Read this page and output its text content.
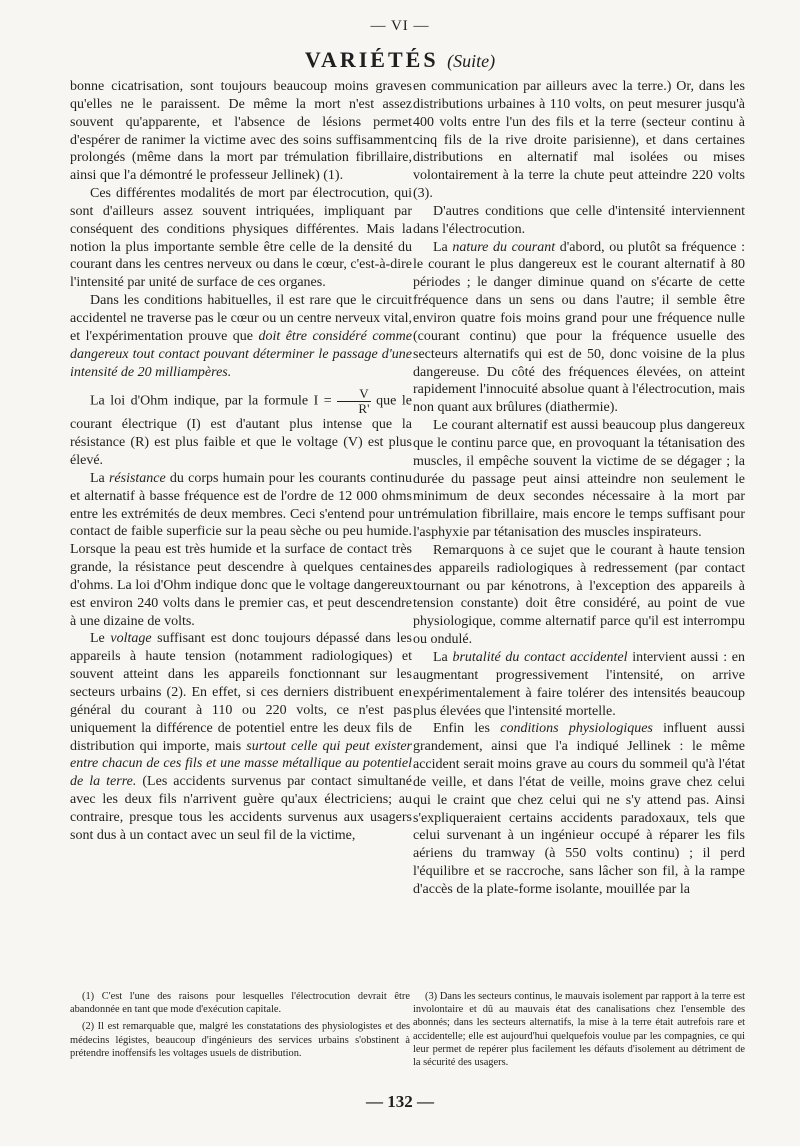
— VI —
VARIÉTÉS (Suite)

bonne cicatrisation, sont toujours beaucoup moins graves qu'elles ne le paraissent. De même la mort n'est assez souvent qu'apparente, et l'absence de lésions permet d'espérer de ranimer la victime avec des soins suffisamment prolongés (même dans la mort par trémulation fibrillaire, ainsi que l'a démontré le professeur Jellinek) (1).

Ces différentes modalités de mort par électrocution, qui sont d'ailleurs assez souvent intriquées, impliquant par conséquent des conditions physiques différentes. Mais la notion la plus importante semble être celle de la densité du courant dans les centres nerveux ou dans le cœur, c'est-à-dire l'intensité par unité de surface de ces organes.

Dans les conditions habituelles, il est rare que le circuit accidentel ne traverse pas le cœur ou un centre nerveux vital, et l'expérimentation prouve que doit être considéré comme dangereux tout contact pouvant déterminer le passage d'une intensité de 20 milliampères.

La loi d'Ohm indique, par la formule $I = \frac{V}{R'}$ que le courant électrique (I) est d'autant plus intense que la résistance (R) est plus faible et que le voltage (V) est plus élevé.

La résistance du corps humain pour les courants continu et alternatif à basse fréquence est de l'ordre de 12 000 ohms entre les extrémités de deux membres. Ceci s'entend pour un contact de faible superficie sur la peau sèche ou peu humide. Lorsque la peau est très humide et la surface de contact très grande, la résistance peut descendre à quelques centaines d'ohms. La loi d'Ohm indique donc que le voltage dangereux est environ 240 volts dans le premier cas, et peut descendre à une dizaine de volts.

Le voltage suffisant est donc toujours dépassé dans les appareils à haute tension (notamment radiologiques) et souvent atteint dans les appareils fonctionnant sur les secteurs urbains (2). En effet, si ces derniers distribuent en général du courant à 110 ou 220 volts, ce n'est pas uniquement la différence de potentiel entre les deux fils de distribution qui importe, mais surtout celle qui peut exister entre chacun de ces fils et une masse métallique au potentiel de la terre. (Les accidents survenus par contact simultané avec les deux fils n'arrivent guère qu'aux électriciens; au contraire, presque tous les accidents survenus aux usagers sont dus à un contact avec un seul fil de la victime,

en communication par ailleurs avec la terre.) Or, dans les distributions urbaines à 110 volts, on peut mesurer jusqu'à 400 volts entre l'un des fils et la terre (secteur continu à cinq fils de la rive droite parisienne), et dans certaines distributions en alternatif mal isolées ou mises volontairement à la terre la chute peut atteindre 220 volts (3).

D'autres conditions que celle d'intensité interviennent dans l'électrocution.

La nature du courant d'abord, ou plutôt sa fréquence : le courant le plus dangereux est le courant alternatif à 80 périodes ; le danger diminue quand on s'écarte de cette fréquence dans un sens ou dans l'autre; il semble être environ quatre fois moins grand pour une fréquence nulle (courant continu) que pour la fréquence usuelle des secteurs alternatifs qui est de 50, donc voisine de la plus dangereuse. Du côté des fréquences élevées, on atteint rapidement l'innocuité absolue quant à l'électrocution, mais non quant aux brûlures (diathermie).

Le courant alternatif est aussi beaucoup plus dangereux que le continu parce que, en provoquant la tétanisation des muscles, il empêche souvent la victime de se dégager ; la durée du passage peut ainsi atteindre non seulement le minimum de deux secondes nécessaire à la mort par trémulation fibrillaire, mais encore le temps suffisant pour l'asphyxie par tétanisation des muscles inspirateurs.

Remarquons à ce sujet que le courant à haute tension des appareils radiologiques à redressement (par contact tournant ou par kénotrons, à l'exception des appareils à tension constante) doit être considéré, au point de vue physiologique, comme alternatif parce qu'il est interrompu ou ondulé.

La brutalité du contact accidentel intervient aussi : en augmentant progressivement l'intensité, on arrive expérimentalement à faire tolérer des intensités beaucoup plus élevées que l'intensité mortelle.

Enfin les conditions physiologiques influent aussi grandement, ainsi que l'a indiqué Jellinek : le même accident serait moins grave au cours du sommeil qu'à l'état de veille, et dans l'état de veille, moins grave chez celui qui le craint que chez celui qui ne s'y attend pas. Ainsi s'expliqueraient certains accidents paradoxaux, tels que celui survenant à un ingénieur occupé à réparer les fils aériens du tramway (à 550 volts continu) ; il perd l'équilibre et se raccroche, sans lâcher son fil, à la rampe d'accès de la plate-forme isolante, mouillée par la

(1) C'est l'une des raisons pour lesquelles l'électrocution devrait être abandonnée en tant que mode d'exécution capitale.

(2) Il est remarquable que, malgré les constatations des physiologistes et des médecins légistes, beaucoup d'ingénieurs des services urbains s'obstinent à prétendre inoffensifs les voltages usuels de distribution.

(3) Dans les secteurs continus, le mauvais isolement par rapport à la terre est involontaire et dû au mauvais état des canalisations chez l'ensemble des abonnés; dans les secteurs alternatifs, la mise à la terre était autrefois rare et accidentelle; elle est aujourd'hui quelquefois voulue par les compagnies, ce qui leur permet de repérer plus facilement les défauts d'isolement au détriment de la sécurité des usagers.

— 132 —
